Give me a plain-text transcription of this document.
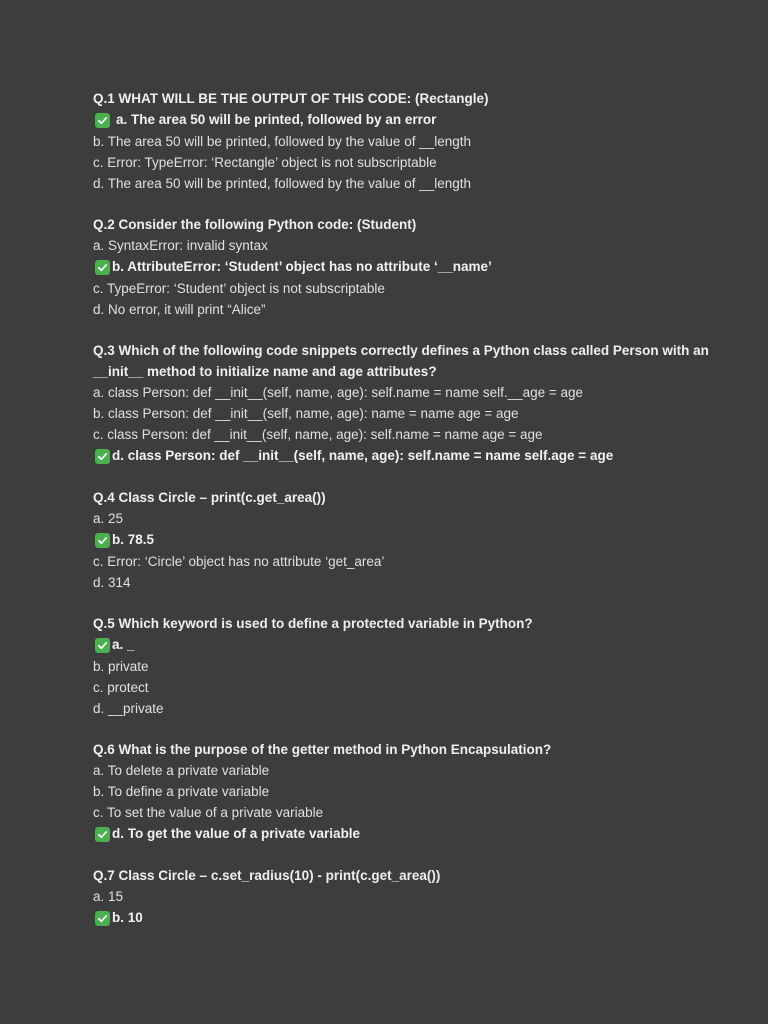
Q.1 WHAT WILL BE THE OUTPUT OF THIS CODE: (Rectangle)
a. The area 50 will be printed, followed by an error
b. The area 50 will be printed, followed by the value of __length
c. Error: TypeError: ‘Rectangle’ object is not subscriptable
d. The area 50 will be printed, followed by the value of __length
Q.2 Consider the following Python code: (Student)
a. SyntaxError: invalid syntax
b. AttributeError: ‘Student’ object has no attribute ‘__name’
c. TypeError: ‘Student’ object is not subscriptable
d. No error, it will print “Alice”
Q.3 Which of the following code snippets correctly defines a Python class called Person with an __init__ method to initialize name and age attributes?
a. class Person: def __init__(self, name, age): self.name = name self.__age = age
b. class Person: def __init__(self, name, age): name = name age = age
c. class Person: def __init__(self, name, age): self.name = name age = age
d. class Person: def __init__(self, name, age): self.name = name self.age = age
Q.4 Class Circle – print(c.get_area())
a. 25
b. 78.5
c. Error: ‘Circle’ object has no attribute ‘get_area’
d. 314
Q.5 Which keyword is used to define a protected variable in Python?
a. _
b. private
c. protect
d. __private
Q.6 What is the purpose of the getter method in Python Encapsulation?
a. To delete a private variable
b. To define a private variable
c. To set the value of a private variable
d. To get the value of a private variable
Q.7 Class Circle – c.set_radius(10) - print(c.get_area())
a. 15
b. 10
